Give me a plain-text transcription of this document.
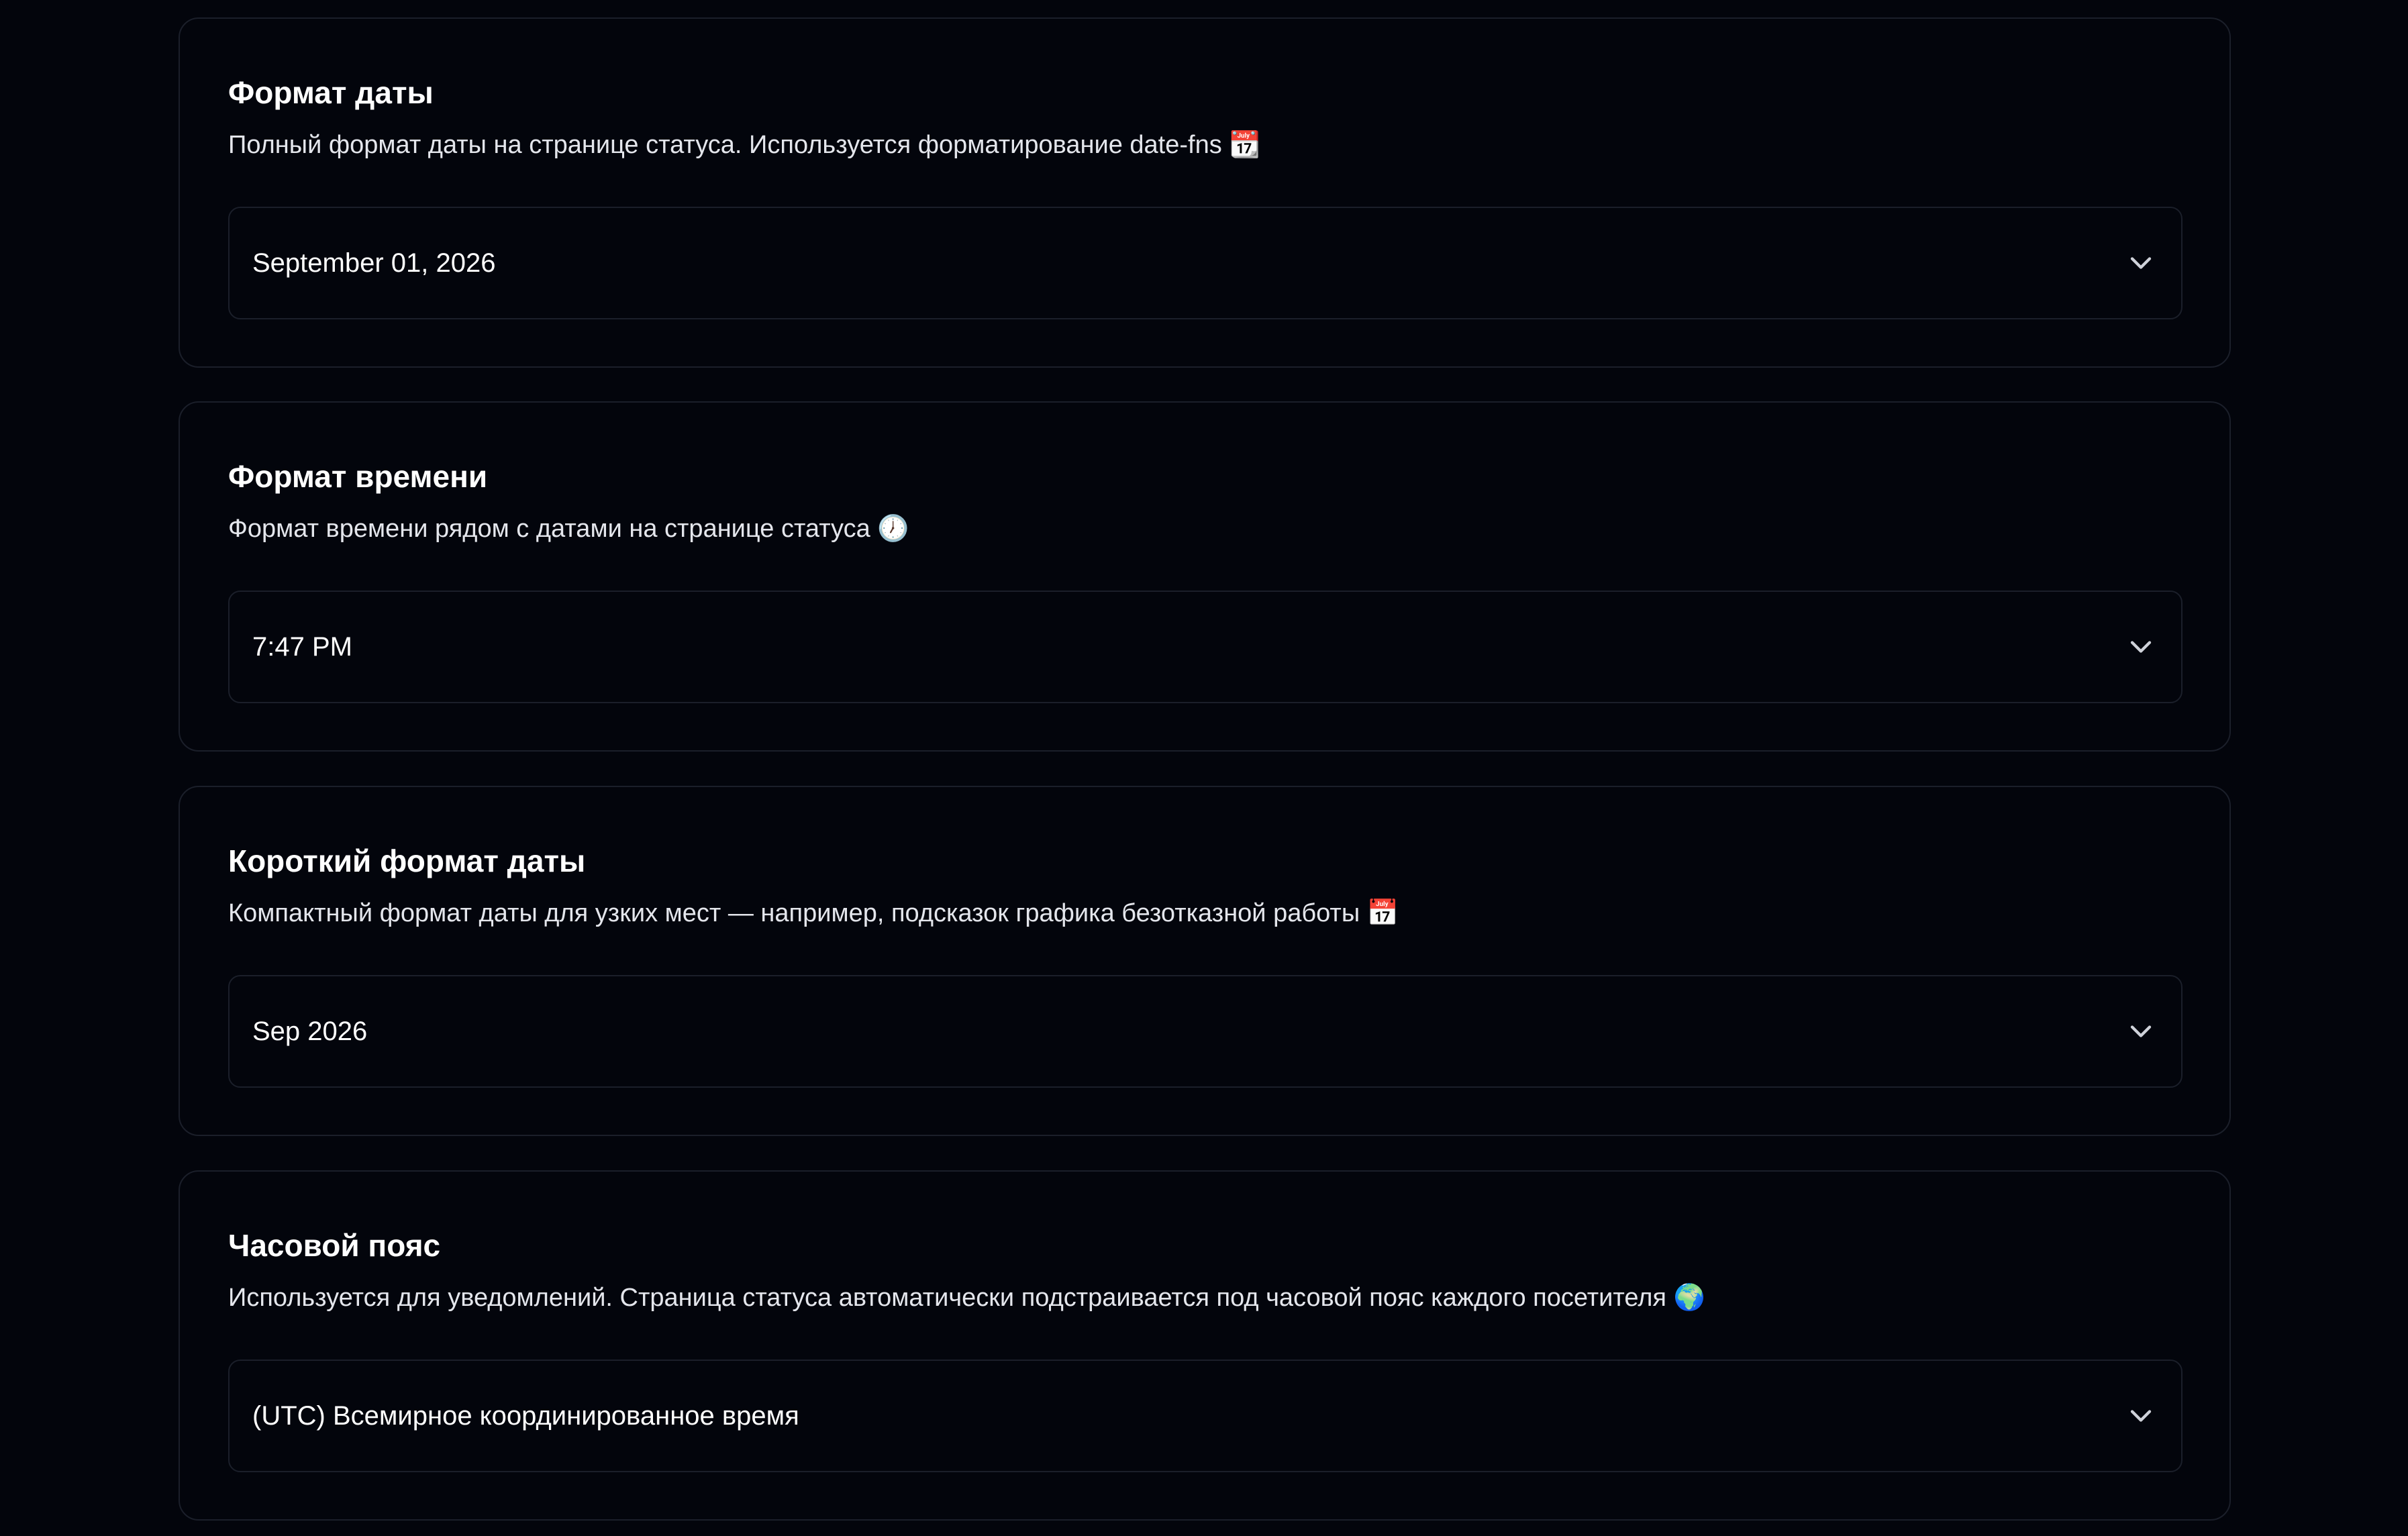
Формат даты
Полный формат даты на странице статуса. Используется форматирование date-fns 📆
September 01, 2026
Формат времени
Формат времени рядом с датами на странице статуса 🕖
7:47 PM
Короткий формат даты
Компактный формат даты для узких мест — например, подсказок графика безотказной работы 📅
Sep 2026
Часовой пояс
Используется для уведомлений. Страница статуса автоматически подстраивается под часовой пояс каждого посетителя 🌍
(UTC) Всемирное координированное время
